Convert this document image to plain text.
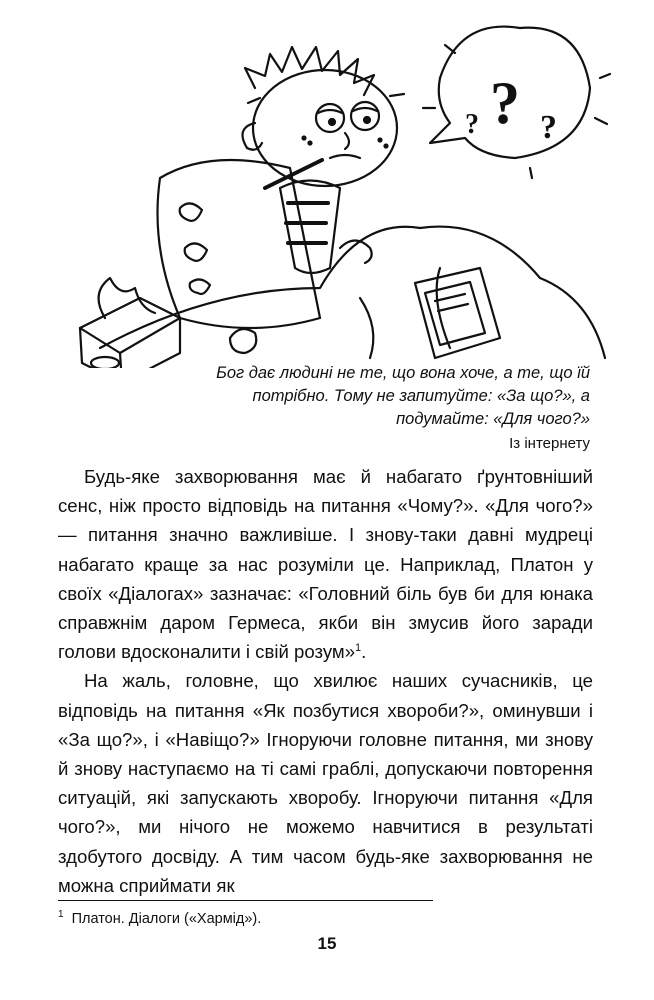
?
? ?
Бог дає людині не те, що вона хоче, а те, що їй потрібно. Тому не запитуйте: «За що?», а подумайте: «Для чого?»
Із інтернету

Будь-яке захворювання має й набагато ґрунтовніший сенс, ніж просто відповідь на питання «Чому?». «Для чого?» — питання значно важливіше. І знову-таки давні мудреці набагато краще за нас розуміли це. Наприклад, Платон у своїх «Діалогах» зазначає: «Головний біль був би для юнака справжнім даром Гермеса, якби він змусив його заради голови вдосконалити і свій розум»$^1$.

На жаль, головне, що хвилює наших сучасників, це відповідь на питання «Як позбутися хвороби?», оминувши і «За що?», і «Навіщо?» Ігноруючи головне питання, ми знову й знову наступаємо на ті самі граблі, допускаючи повторення ситуацій, які запускають хворобу. Ігноруючи питання «Для чого?», ми нічого не можемо навчитися в результаті здобутого досвіду. А тим часом будь-яке захворювання не можна сприймати як

$^1$ Платон. Діалоги («Хармід»).
15
